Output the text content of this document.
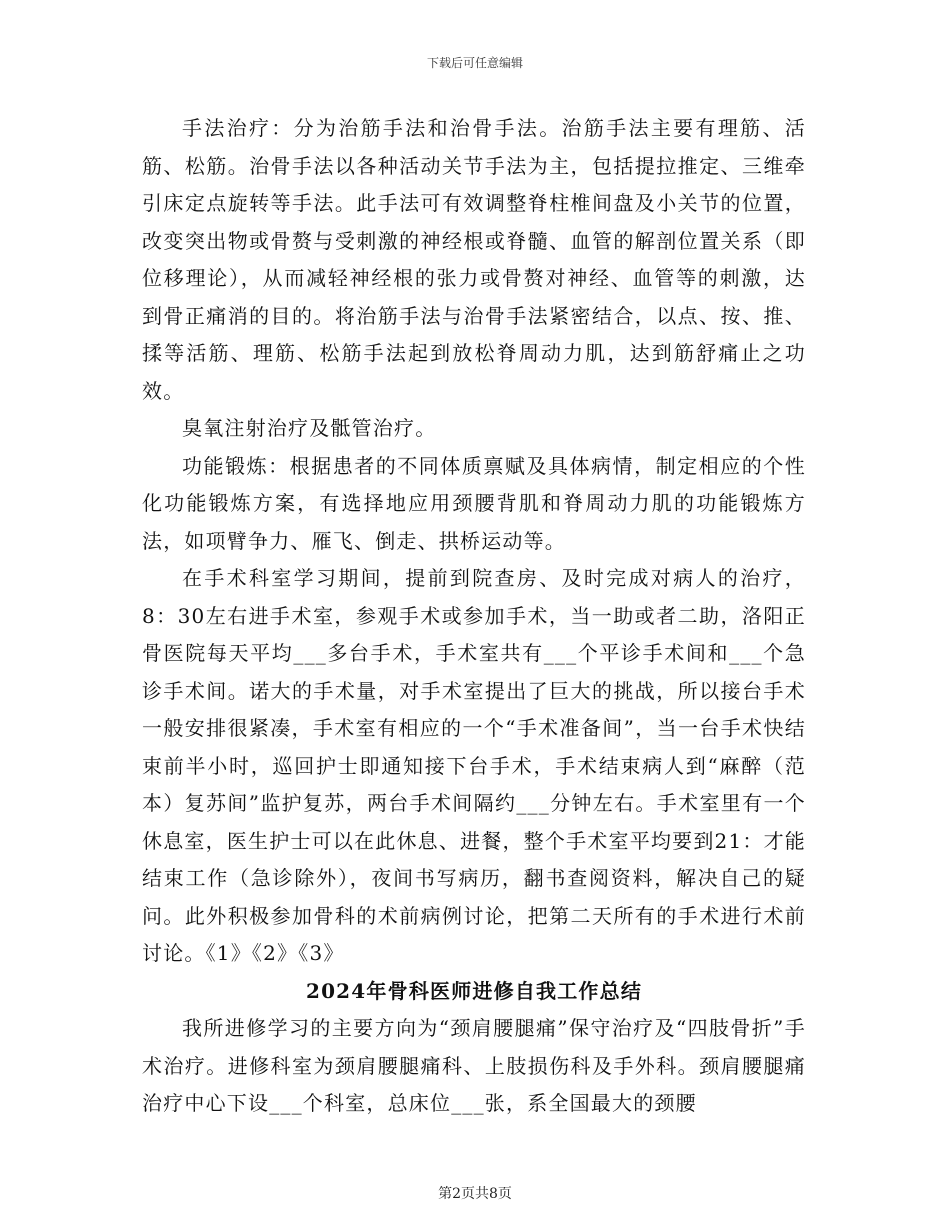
下载后可任意编辑

手法治疗：分为治筋手法和治骨手法。治筋手法主要有理筋、活筋、松筋。治骨手法以各种活动关节手法为主，包括提拉推定、三维牵引床定点旋转等手法。此手法可有效调整脊柱椎间盘及小关节的位置，改变突出物或骨赘与受刺激的神经根或脊髓、血管的解剖位置关系（即位移理论），从而减轻神经根的张力或骨赘对神经、血管等的刺激，达到骨正痛消的目的。将治筋手法与治骨手法紧密结合，以点、按、推、揉等活筋、理筋、松筋手法起到放松脊周动力肌，达到筋舒痛止之功效。

臭氧注射治疗及骶管治疗。

功能锻炼：根据患者的不同体质禀赋及具体病情，制定相应的个性化功能锻炼方案，有选择地应用颈腰背肌和脊周动力肌的功能锻炼方法，如项臂争力、雁飞、倒走、拱桥运动等。

在手术科室学习期间，提前到院查房、及时完成对病人的治疗，8：30左右进手术室，参观手术或参加手术，当一助或者二助，洛阳正骨医院每天平均___多台手术，手术室共有___个平诊手术间和___个急诊手术间。诺大的手术量，对手术室提出了巨大的挑战，所以接台手术一般安排很紧凑，手术室有相应的一个“手术准备间”，当一台手术快结束前半小时，巡回护士即通知接下台手术，手术结束病人到“麻醉（范本）复苏间”监护复苏，两台手术间隔约___分钟左右。手术室里有一个休息室，医生护士可以在此休息、进餐，整个手术室平均要到21：才能结束工作（急诊除外），夜间书写病历，翻书查阅资料，解决自己的疑问。此外积极参加骨科的术前病例讨论，把第二天所有的手术进行术前讨论。《1》《2》《3》

2024年骨科医师进修自我工作总结

我所进修学习的主要方向为“颈肩腰腿痛”保守治疗及“四肢骨折”手术治疗。进修科室为颈肩腰腿痛科、上肢损伤科及手外科。颈肩腰腿痛治疗中心下设___个科室，总床位___张，系全国最大的颈腰

第2页共8页
